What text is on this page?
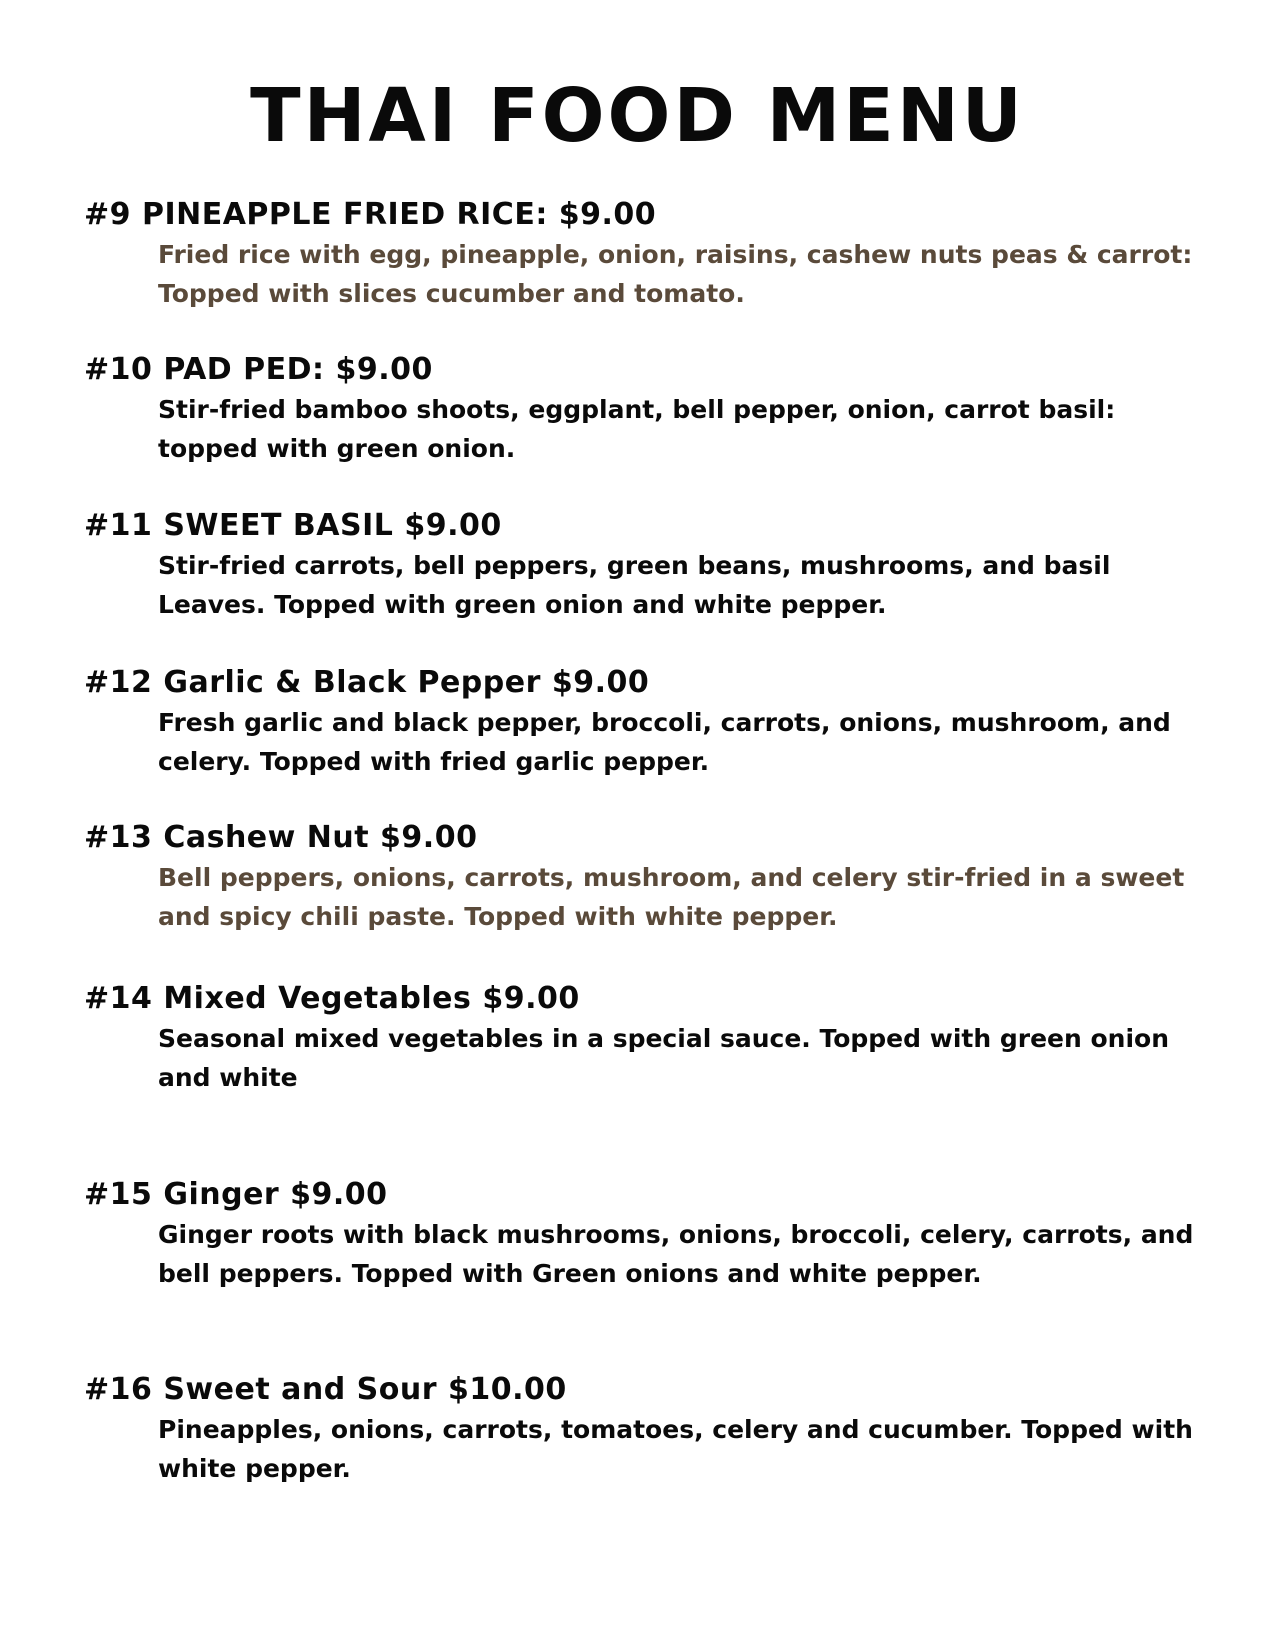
THAI FOOD MENU
#9 PINEAPPLE FRIED RICE: $9.00
Fried rice with egg, pineapple, onion, raisins, cashew nuts peas & carrot: Topped with slices cucumber and tomato.
#10 PAD PED: $9.00
Stir-fried bamboo shoots, eggplant, bell pepper, onion, carrot basil: topped with green onion.
#11 SWEET BASIL $9.00
Stir-fried carrots, bell peppers, green beans, mushrooms, and basil Leaves. Topped with green onion and white pepper.
#12 Garlic & Black Pepper $9.00
Fresh garlic and black pepper, broccoli, carrots, onions, mushroom, and celery. Topped with fried garlic pepper.
#13 Cashew Nut $9.00
Bell peppers, onions, carrots, mushroom, and celery stir-fried in a sweet and spicy chili paste. Topped with white pepper.
#14 Mixed Vegetables $9.00
Seasonal mixed vegetables in a special sauce. Topped with green onion and white
#15 Ginger $9.00
Ginger roots with black mushrooms, onions, broccoli, celery, carrots, and bell peppers. Topped with Green onions and white pepper.
#16 Sweet and Sour $10.00
Pineapples, onions, carrots, tomatoes, celery and cucumber. Topped with white pepper.
